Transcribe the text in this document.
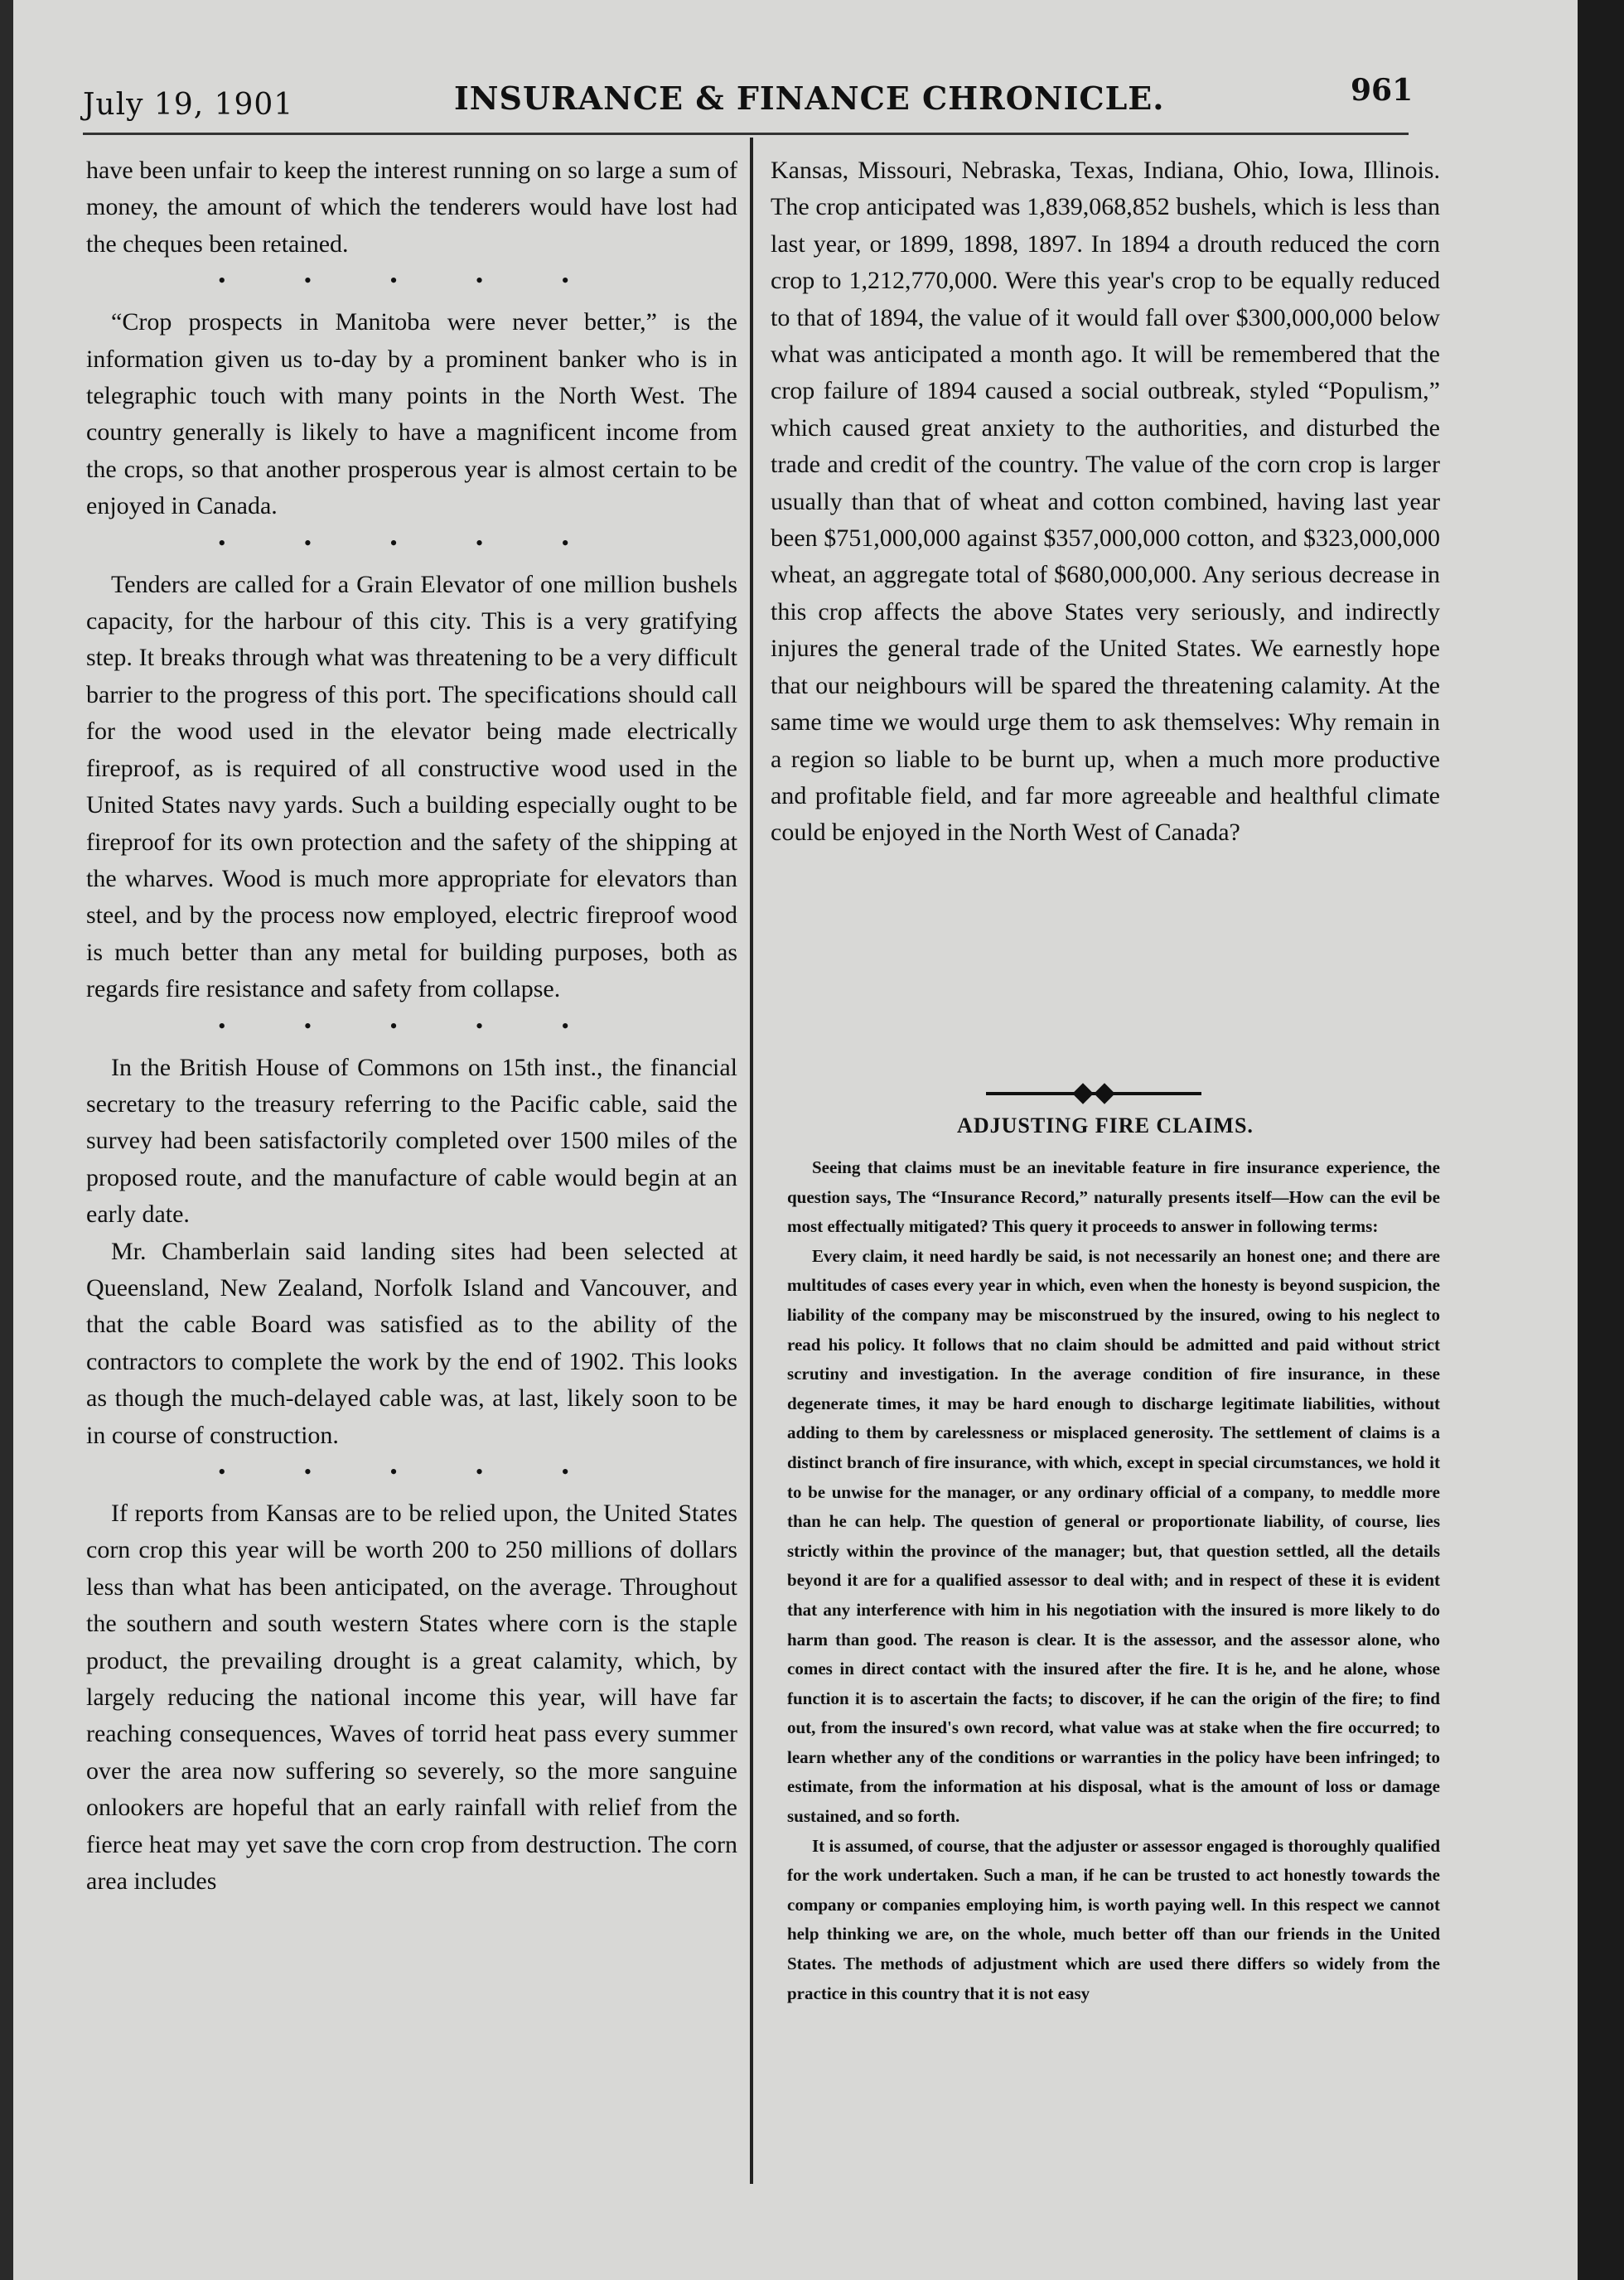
July 19, 1901	INSURANCE & FINANCE CHRONICLE.	961

have been unfair to keep the interest running on so large a sum of money, the amount of which the tenderers would have lost had the cheques been retained.

• • • • •

“Crop prospects in Manitoba were never better,” is the information given us to-day by a prominent banker who is in telegraphic touch with many points in the North West. The country generally is likely to have a magnificent income from the crops, so that another prosperous year is almost certain to be enjoyed in Canada.

• • • • •

Tenders are called for a Grain Elevator of one million bushels capacity, for the harbour of this city. This is a very gratifying step. It breaks through what was threatening to be a very difficult barrier to the progress of this port. The specifications should call for the wood used in the elevator being made electrically fireproof, as is required of all constructive wood used in the United States navy yards. Such a building especially ought to be fireproof for its own protection and the safety of the shipping at the wharves. Wood is much more appropriate for elevators than steel, and by the process now employed, electric fireproof wood is much better than any metal for building purposes, both as regards fire resistance and safety from collapse.

• • • • •

In the British House of Commons on 15th inst., the financial secretary to the treasury referring to the Pacific cable, said the survey had been satisfactorily completed over 1500 miles of the proposed route, and the manufacture of cable would begin at an early date.

Mr. Chamberlain said landing sites had been selected at Queensland, New Zealand, Norfolk Island and Vancouver, and that the cable Board was satisfied as to the ability of the contractors to complete the work by the end of 1902. This looks as though the much-delayed cable was, at last, likely soon to be in course of construction.

• • • • •

If reports from Kansas are to be relied upon, the United States corn crop this year will be worth 200 to 250 millions of dollars less than what has been anticipated, on the average. Throughout the southern and south western States where corn is the staple product, the prevailing drought is a great calamity, which, by largely reducing the national income this year, will have far reaching consequences, Waves of torrid heat pass every summer over the area now suffering so severely, so the more sanguine onlookers are hopeful that an early rainfall with relief from the fierce heat may yet save the corn crop from destruction. The corn area includes

Kansas, Missouri, Nebraska, Texas, Indiana, Ohio, Iowa, Illinois. The crop anticipated was 1,839,068,852 bushels, which is less than last year, or 1899, 1898, 1897. In 1894 a drouth reduced the corn crop to 1,212,770,000. Were this year's crop to be equally reduced to that of 1894, the value of it would fall over $300,000,000 below what was anticipated a month ago. It will be remembered that the crop failure of 1894 caused a social outbreak, styled “Populism,” which caused great anxiety to the authorities, and disturbed the trade and credit of the country. The value of the corn crop is larger usually than that of wheat and cotton combined, having last year been $751,000,000 against $357,000,000 cotton, and $323,000,000 wheat, an aggregate total of $680,000,000. Any serious decrease in this crop affects the above States very seriously, and indirectly injures the general trade of the United States. We earnestly hope that our neighbours will be spared the threatening calamity. At the same time we would urge them to ask themselves: Why remain in a region so liable to be burnt up, when a much more productive and profitable field, and far more agreeable and healthful climate could be enjoyed in the North West of Canada?

ADJUSTING FIRE CLAIMS.

Seeing that claims must be an inevitable feature in fire insurance experience, the question says, The “Insurance Record,” naturally presents itself—How can the evil be most effectually mitigated? This query it proceeds to answer in following terms:

Every claim, it need hardly be said, is not necessarily an honest one; and there are multitudes of cases every year in which, even when the honesty is beyond suspicion, the liability of the company may be misconstrued by the insured, owing to his neglect to read his policy. It follows that no claim should be admitted and paid without strict scrutiny and investigation. In the average condition of fire insurance, in these degenerate times, it may be hard enough to discharge legitimate liabilities, without adding to them by carelessness or misplaced generosity. The settlement of claims is a distinct branch of fire insurance, with which, except in special circumstances, we hold it to be unwise for the manager, or any ordinary official of a company, to meddle more than he can help. The question of general or proportionate liability, of course, lies strictly within the province of the manager; but, that question settled, all the details beyond it are for a qualified assessor to deal with; and in respect of these it is evident that any interference with him in his negotiation with the insured is more likely to do harm than good. The reason is clear. It is the assessor, and the assessor alone, who comes in direct contact with the insured after the fire. It is he, and he alone, whose function it is to ascertain the facts; to discover, if he can the origin of the fire; to find out, from the insured's own record, what value was at stake when the fire occurred; to learn whether any of the conditions or warranties in the policy have been infringed; to estimate, from the information at his disposal, what is the amount of loss or damage sustained, and so forth.

It is assumed, of course, that the adjuster or assessor engaged is thoroughly qualified for the work undertaken. Such a man, if he can be trusted to act honestly towards the company or companies employing him, is worth paying well. In this respect we cannot help thinking we are, on the whole, much better off than our friends in the United States. The methods of adjustment which are used there differs so widely from the practice in this country that it is not easy
